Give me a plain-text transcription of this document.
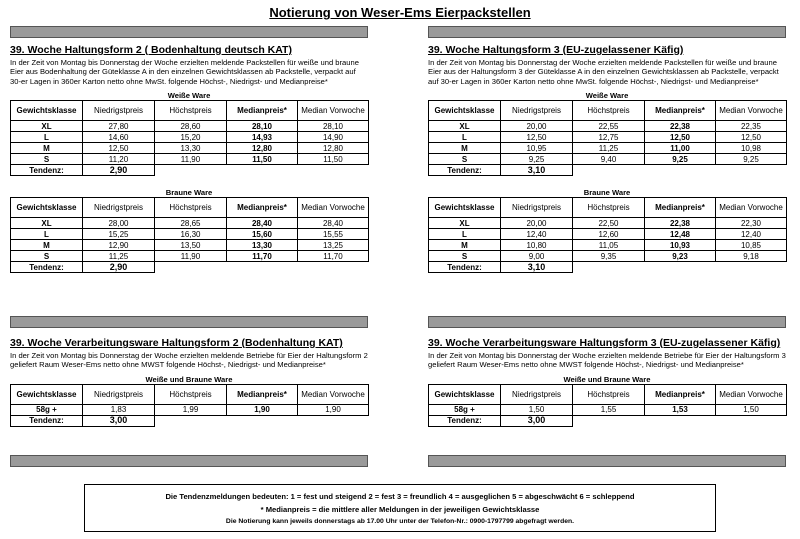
Notierung von Weser-Ems Eierpackstellen
39. Woche Haltungsform 2 ( Bodenhaltung deutsch KAT)
In der Zeit von Montag bis Donnerstag der Woche erzielten meldende Packstellen für weiße und braune Eier aus Bodenhaltung der Güteklasse A in den einzelnen Gewichtsklassen ab Packstelle, verpackt auf 30-er Lagen in 360er Karton netto ohne MwSt. folgende Höchst-, Niedrigst- und Medianpreise*
Weiße Ware
Gewichtsklasse	Niedrigstpreis	Höchstpreis	Medianpreis*	Median Vorwoche
XL	27,80	28,60	28,10	28,10
L	14,60	15,20	14,93	14,90
M	12,50	13,30	12,80	12,80
S	11,20	11,90	11,50	11,50
Tendenz:	2,90			
Braune Ware
Gewichtsklasse	Niedrigstpreis	Höchstpreis	Medianpreis*	Median Vorwoche
XL	28,00	28,65	28,40	28,40
L	15,25	16,30	15,60	15,55
M	12,90	13,50	13,30	13,25
S	11,25	11,90	11,70	11,70
Tendenz:	2,90			
39. Woche Haltungsform 3 (EU-zugelassener Käfig)
In der Zeit von Montag bis Donnerstag der Woche erzielten meldende Packstellen für weiße und braune Eier aus der Haltungsform 3 der Güteklasse A in den einzelnen Gewichtsklassen ab Packstelle, verpackt auf 30-er Lagen in 360er Karton netto ohne MwSt. folgende Höchst-, Niedrigst- und Medianpreise*
Weiße Ware
Gewichtsklasse	Niedrigstpreis	Höchstpreis	Medianpreis*	Median Vorwoche
XL	20,00	22,55	22,38	22,35
L	12,50	12,75	12,50	12,50
M	10,95	11,25	11,00	10,98
S	9,25	9,40	9,25	9,25
Tendenz:	3,10			
Braune Ware
Gewichtsklasse	Niedrigstpreis	Höchstpreis	Medianpreis*	Median Vorwoche
XL	20,00	22,50	22,38	22,30
L	12,40	12,60	12,48	12,40
M	10,80	11,05	10,93	10,85
S	9,00	9,35	9,23	9,18
Tendenz:	3,10			
39. Woche Verarbeitungsware Haltungsform 2 (Bodenhaltung KAT)
In der Zeit von Montag bis Donnerstag der Woche erzielten meldende Betriebe für Eier der Haltungsform 2 geliefert Raum Weser-Ems netto ohne MWST folgende Höchst-, Niedrigst- und Medianpreise*
Weiße und Braune Ware
Gewichtsklasse	Niedrigstpreis	Höchstpreis	Medianpreis*	Median Vorwoche
58g +	1,83	1,99	1,90	1,90
Tendenz:	3,00			
39. Woche Verarbeitungsware Haltungsform 3 (EU-zugelassener Käfig)
In der Zeit von Montag bis Donnerstag der Woche erzielten meldende Betriebe für Eier der Haltungsform 3 geliefert Raum Weser-Ems netto ohne MWST folgende Höchst-, Niedrigst- und Medianpreise*
Weiße und Braune Ware
Gewichtsklasse	Niedrigstpreis	Höchstpreis	Medianpreis*	Median Vorwoche
58g +	1,50	1,55	1,53	1,50
Tendenz:	3,00			
Die Tendenzmeldungen bedeuten: 1 = fest und steigend 2 = fest 3 = freundlich 4 = ausgeglichen 5 = abgeschwächt 6 = schleppend
* Medianpreis = die mittlere aller Meldungen in der jeweiligen Gewichtsklasse
Die Notierung kann jeweils donnerstags ab 17.00 Uhr unter der Telefon-Nr.: 0900-1797799 abgefragt werden.
